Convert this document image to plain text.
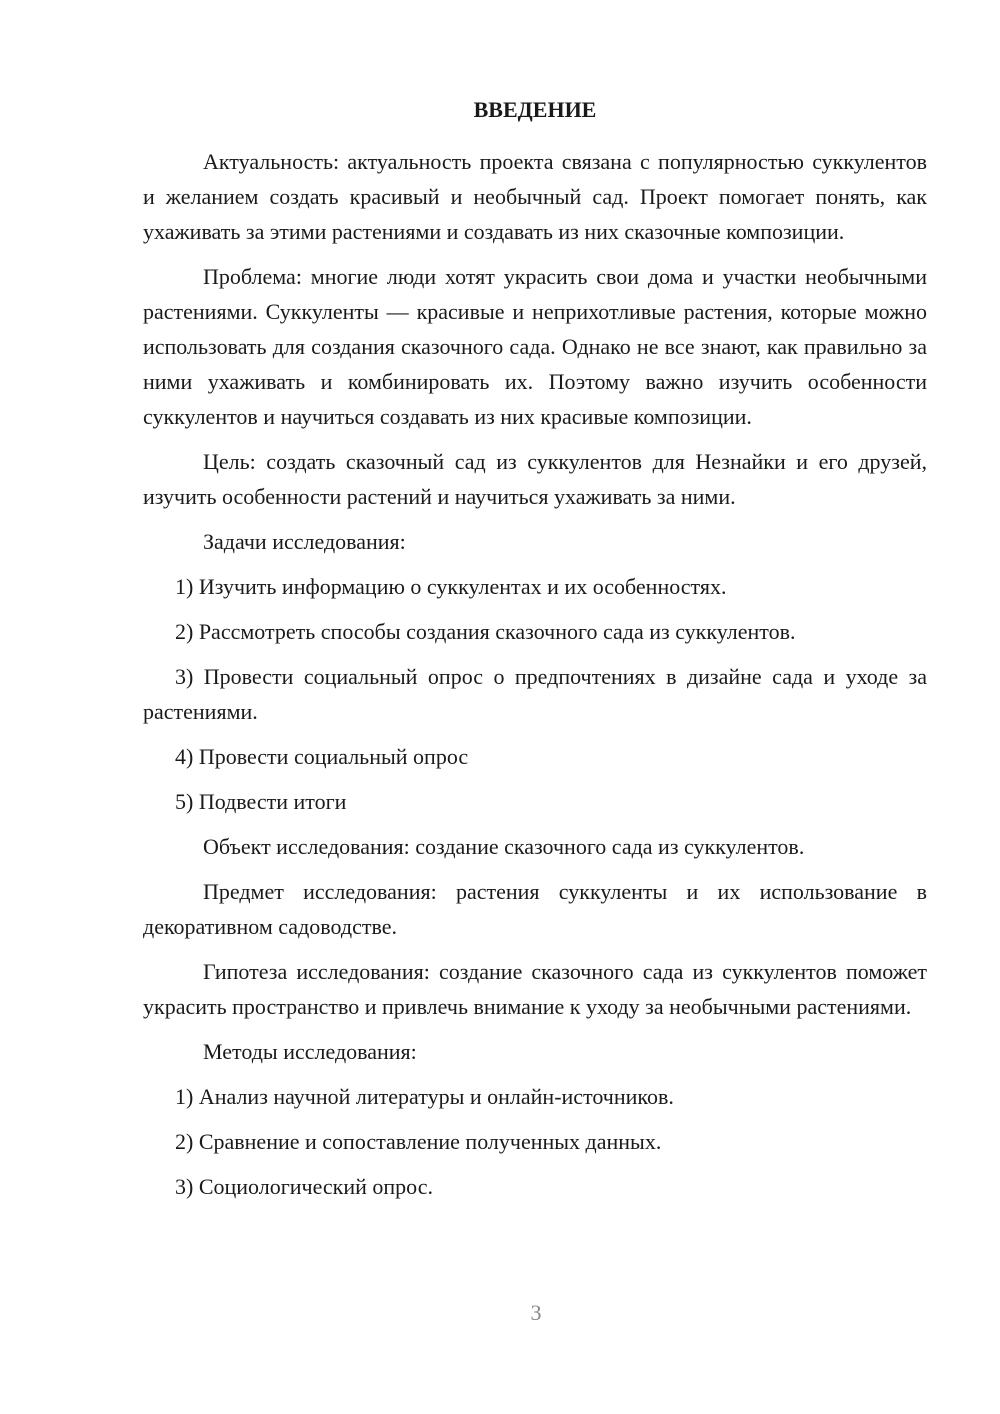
ВВЕДЕНИЕ

Актуальность: актуальность проекта связана с популярностью суккулентов и желанием создать красивый и необычный сад. Проект помогает понять, как ухаживать за этими растениями и создавать из них сказочные композиции.

Проблема: многие люди хотят украсить свои дома и участки необычными растениями. Суккуленты — красивые и неприхотливые растения, которые можно использовать для создания сказочного сада. Однако не все знают, как правильно за ними ухаживать и комбинировать их. Поэтому важно изучить особенности суккулентов и научиться создавать из них красивые композиции.

Цель: создать сказочный сад из суккулентов для Незнайки и его друзей, изучить особенности растений и научиться ухаживать за ними.

Задачи исследования:

1) Изучить информацию о суккулентах и их особенностях.

2) Рассмотреть способы создания сказочного сада из суккулентов.

3) Провести социальный опрос о предпочтениях в дизайне сада и уходе за растениями.

4) Провести социальный опрос

5) Подвести итоги

Объект исследования: создание сказочного сада из суккулентов.

Предмет исследования: растения суккуленты и их использование в декоративном садоводстве.

Гипотеза исследования: создание сказочного сада из суккулентов поможет украсить пространство и привлечь внимание к уходу за необычными растениями.

Методы исследования:

1) Анализ научной литературы и онлайн-источников.

2) Сравнение и сопоставление полученных данных.

3) Социологический опрос.

3
